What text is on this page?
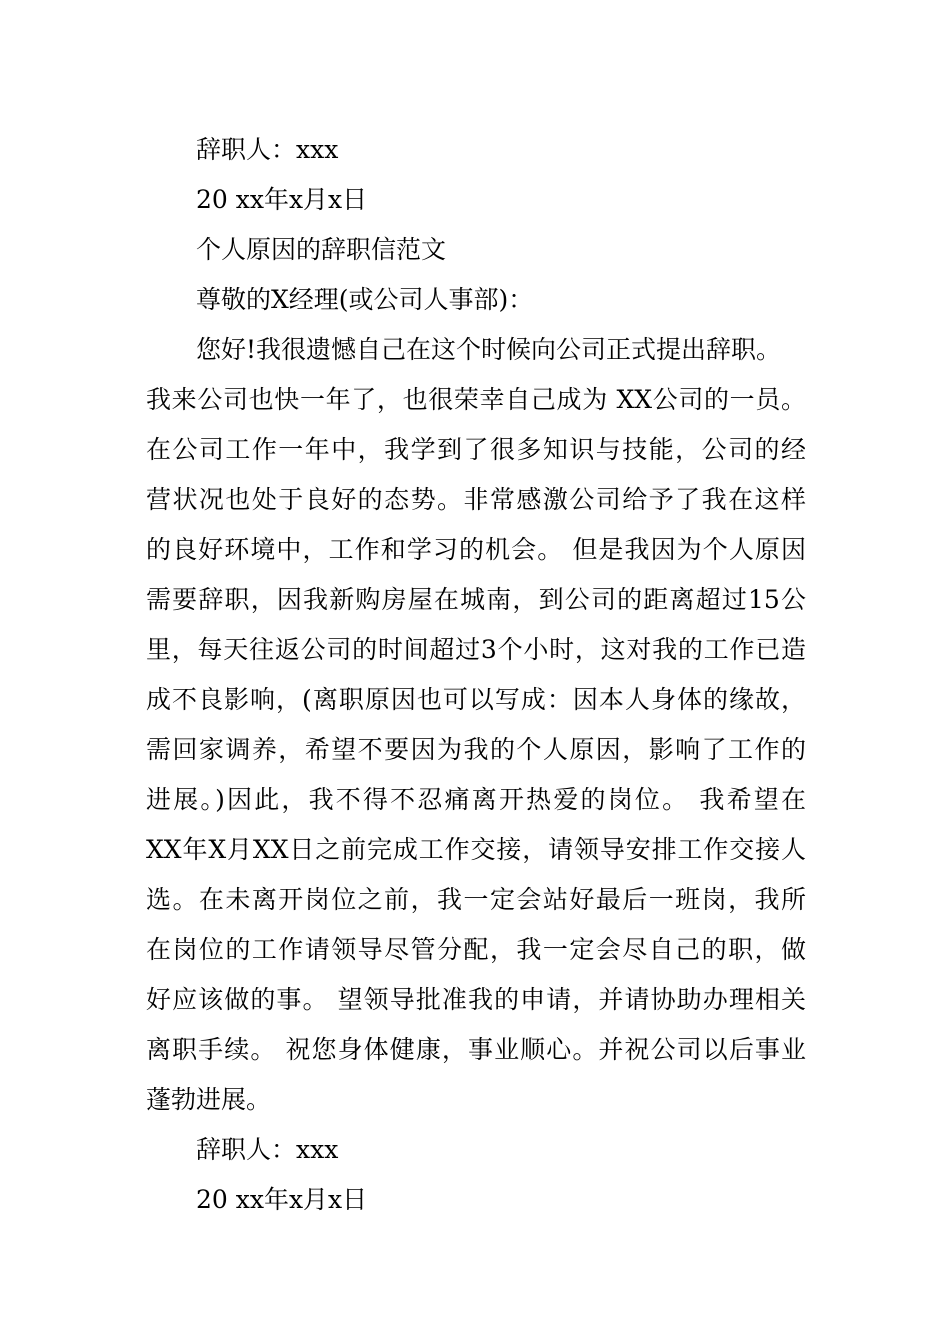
辞职人：xxx
20 xx年x月x日
个人原因的辞职信范文
尊敬的X经理(或公司人事部)：
您好!我很遗憾自己在这个时候向公司正式提出辞职。
我来公司也快一年了，也很荣幸自己成为 XX公司的一员。
在公司工作一年中，我学到了很多知识与技能，公司的经
营状况也处于良好的态势。非常感激公司给予了我在这样
的良好环境中，工作和学习的机会。 但是我因为个人原因
需要辞职，因我新购房屋在城南，到公司的距离超过15公
里，每天往返公司的时间超过3个小时，这对我的工作已造
成不良影响，(离职原因也可以写成：因本人身体的缘故，
需回家调养，希望不要因为我的个人原因，影响了工作的
进展。)因此，我不得不忍痛离开热爱的岗位。 我希望在
XX年X月XX日之前完成工作交接，请领导安排工作交接人
选。在未离开岗位之前，我一定会站好最后一班岗，我所
在岗位的工作请领导尽管分配，我一定会尽自己的职，做
好应该做的事。 望领导批准我的申请，并请协助办理相关
离职手续。 祝您身体健康，事业顺心。并祝公司以后事业
蓬勃进展。
辞职人：xxx
20 xx年x月x日
